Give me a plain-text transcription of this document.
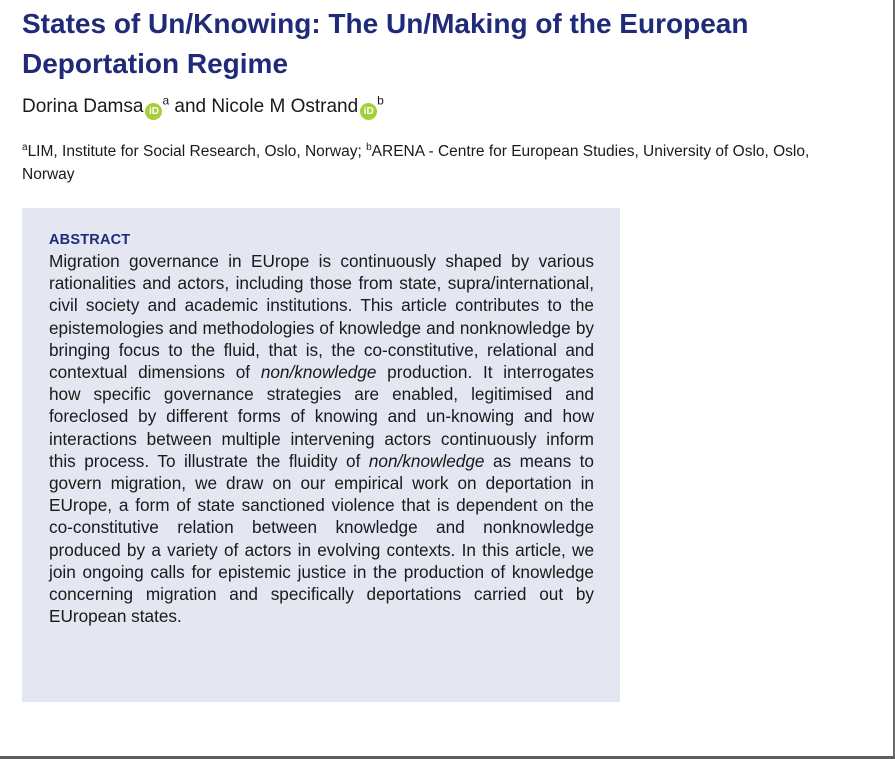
States of Un/Knowing: The Un/Making of the European Deportation Regime
Dorina Damsa $iD^a$ and Nicole M Ostrand $iD^b$
$^a$LIM, Institute for Social Research, Oslo, Norway; $^b$ARENA - Centre for European Studies, University of Oslo, Oslo, Norway
ABSTRACT
Migration governance in EUrope is continuously shaped by various rationalities and actors, including those from state, supra/international, civil society and academic institutions. This article contributes to the epistemologies and methodologies of knowledge and nonknowledge by bringing focus to the fluid, that is, the co-constitutive, relational and contextual dimensions of non/knowledge production. It interrogates how specific governance strategies are enabled, legitimised and foreclosed by different forms of knowing and un-knowing and how interactions between multiple intervening actors continuously inform this process. To illustrate the fluidity of non/knowledge as means to govern migration, we draw on our empirical work on deportation in EUrope, a form of state sanctioned violence that is dependent on the co-constitutive relation between knowledge and nonknowledge produced by a variety of actors in evolving contexts. In this article, we join ongoing calls for epistemic justice in the production of knowledge concerning migration and specifically deportations carried out by EUropean states.
